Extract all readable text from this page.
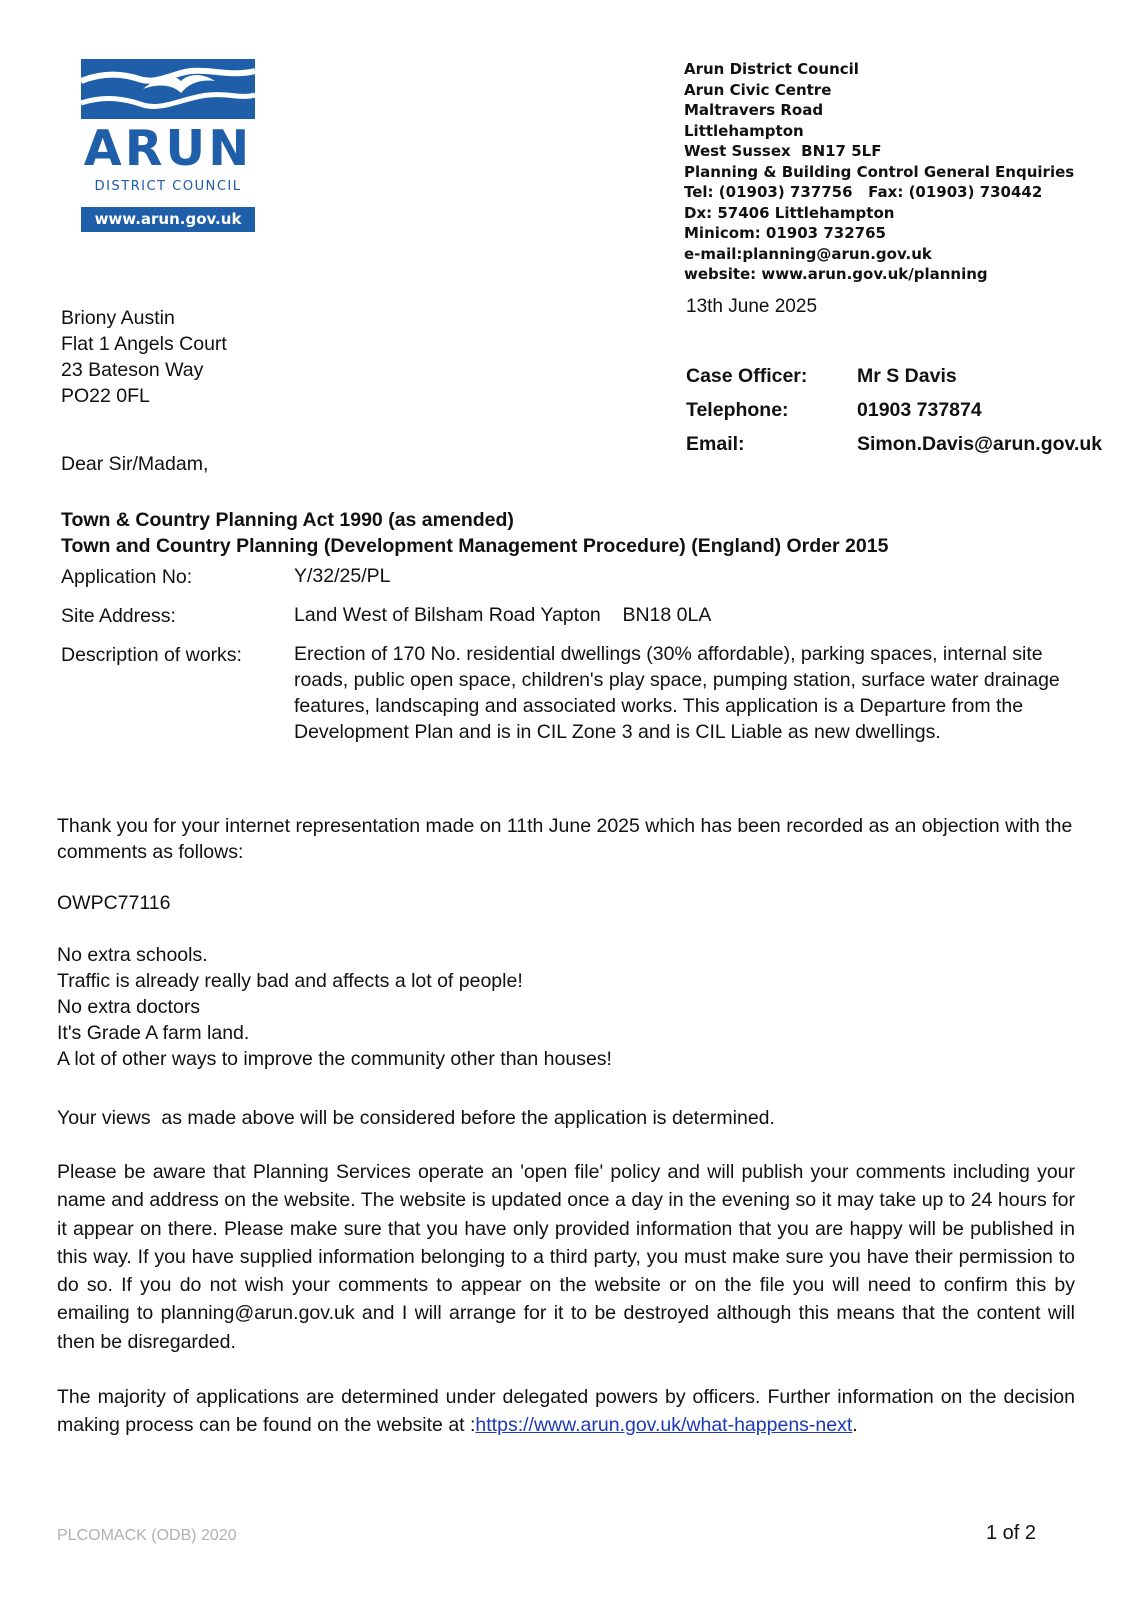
ARUN
DISTRICT COUNCIL
www.arun.gov.uk
Arun District Council
Arun Civic Centre
Maltravers Road
Littlehampton
West Sussex  BN17 5LF
Planning & Building Control General Enquiries
Tel: (01903) 737756   Fax: (01903) 730442
Dx: 57406 Littlehampton
Minicom: 01903 732765
e-mail:planning@arun.gov.uk
website: www.arun.gov.uk/planning
13th June 2025
Briony Austin
Flat 1 Angels Court
23 Bateson Way
PO22 0FL
Case Officer:	Mr S Davis
Telephone:	01903 737874
Email:	Simon.Davis@arun.gov.uk
Dear Sir/Madam,
Town & Country Planning Act 1990 (as amended)
Town and Country Planning (Development Management Procedure) (England) Order 2015
Application No:	Y/32/25/PL
Site Address:	Land West of Bilsham Road Yapton    BN18 0LA
Description of works:	Erection of 170 No. residential dwellings (30% affordable), parking spaces, internal site roads, public open space, children's play space, pumping station, surface water drainage features, landscaping and associated works. This application is a Departure from the Development Plan and is in CIL Zone 3 and is CIL Liable as new dwellings.
Thank you for your internet representation made on 11th June 2025 which has been recorded as an objection with the comments as follows:
OWPC77116
No extra schools.
Traffic is already really bad and affects a lot of people!
No extra doctors
It's Grade A farm land.
A lot of other ways to improve the community other than houses!
Your views  as made above will be considered before the application is determined.
Please be aware that Planning Services operate an 'open file' policy and will publish your comments including your name and address on the website. The website is updated once a day in the evening so it may take up to 24 hours for it appear on there. Please make sure that you have only provided information that you are happy will be published in this way. If you have supplied information belonging to a third party, you must make sure you have their permission to do so. If you do not wish your comments to appear on the website or on the file you will need to confirm this by emailing to planning@arun.gov.uk and I will arrange for it to be destroyed although this means that the content will then be disregarded.
The majority of applications are determined under delegated powers by officers. Further information on the decision making process can be found on the website at :https://www.arun.gov.uk/what-happens-next.
PLCOMACK (ODB) 2020	1 of 2
